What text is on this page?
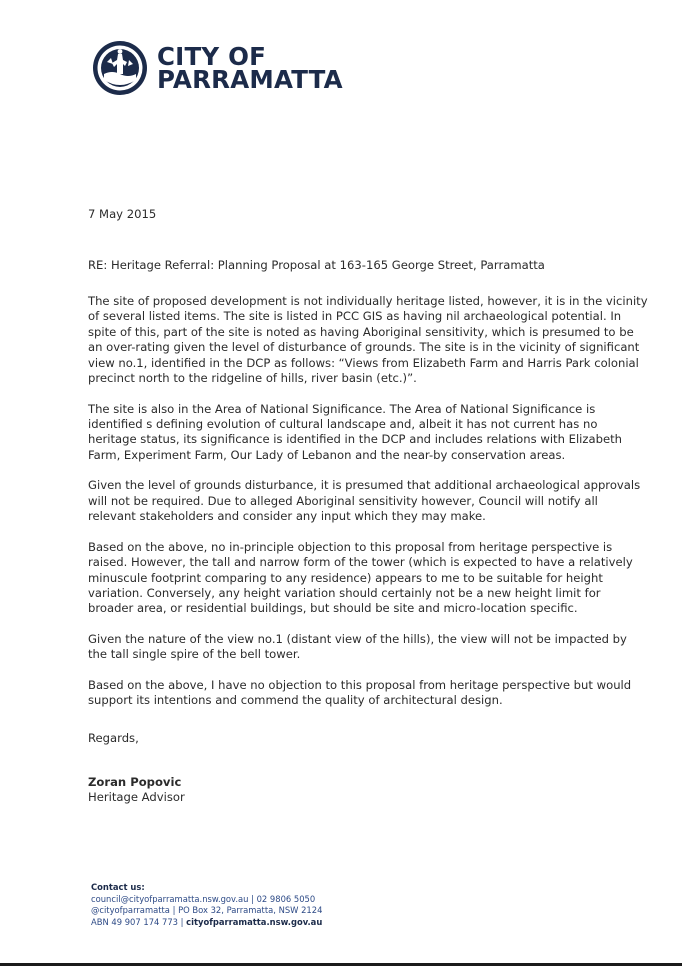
CITY OF
PARRAMATTA
7 May 2015
RE: Heritage Referral: Planning Proposal at 163-165 George Street, Parramatta

The site of proposed development is not individually heritage listed, however, it is in the vicinity of several listed items. The site is listed in PCC GIS as having nil archaeological potential. In spite of this, part of the site is noted as having Aboriginal sensitivity, which is presumed to be an over-rating given the level of disturbance of grounds. The site is in the vicinity of significant view no.1, identified in the DCP as follows: “Views from Elizabeth Farm and Harris Park colonial precinct north to the ridgeline of hills, river basin (etc.)”.

The site is also in the Area of National Significance. The Area of National Significance is identified s defining evolution of cultural landscape and, albeit it has not current has no heritage status, its significance is identified in the DCP and includes relations with Elizabeth Farm, Experiment Farm, Our Lady of Lebanon and the near-by conservation areas.

Given the level of grounds disturbance, it is presumed that additional archaeological approvals will not be required. Due to alleged Aboriginal sensitivity however, Council will notify all relevant stakeholders and consider any input which they may make.

Based on the above, no in-principle objection to this proposal from heritage perspective is raised. However, the tall and narrow form of the tower (which is expected to have a relatively minuscule footprint comparing to any residence) appears to me to be suitable for height variation. Conversely, any height variation should certainly not be a new height limit for broader area, or residential buildings, but should be site and micro-location specific.

Given the nature of the view no.1 (distant view of the hills), the view will not be impacted by the tall single spire of the bell tower.

Based on the above, I have no objection to this proposal from heritage perspective but would support its intentions and commend the quality of architectural design.

Regards,
Zoran Popovic
Heritage Advisor
Contact us:
council@cityofparramatta.nsw.gov.au | 02 9806 5050
@cityofparramatta | PO Box 32, Parramatta, NSW 2124
ABN 49 907 174 773 | cityofparramatta.nsw.gov.au
